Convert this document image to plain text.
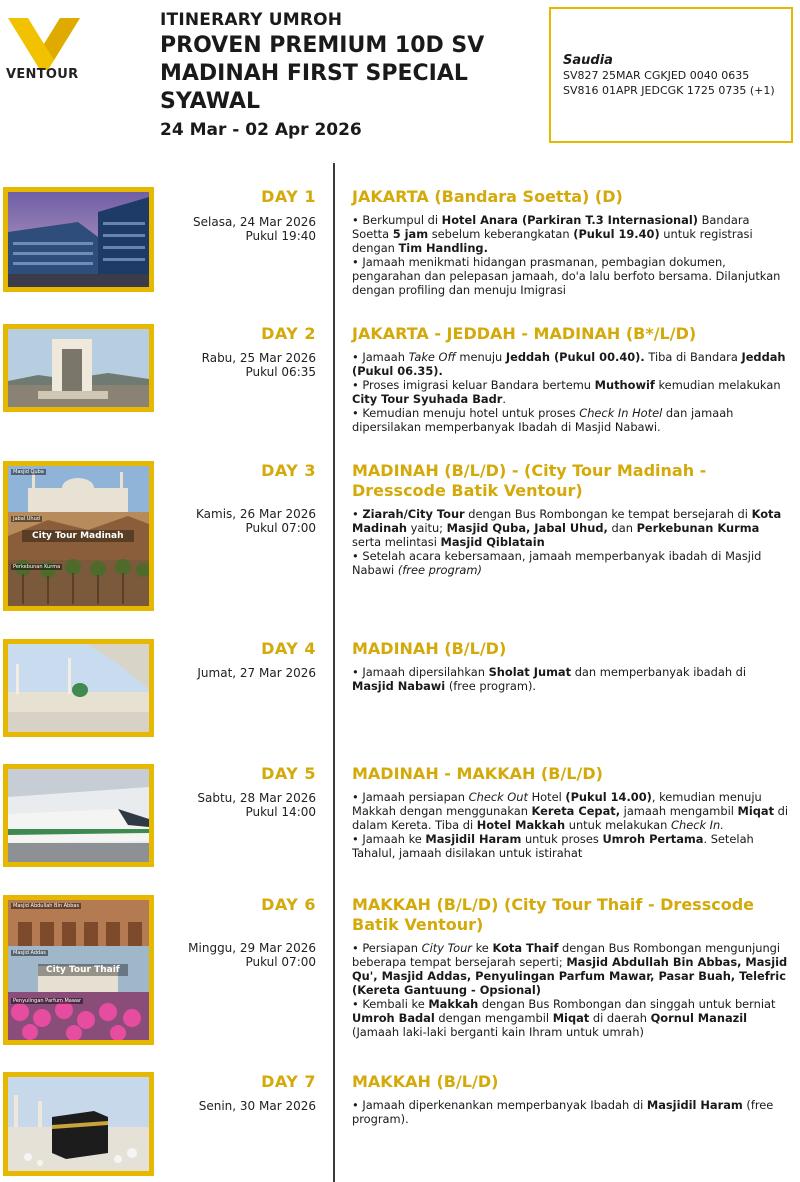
VENTOUR
ITINERARY UMROH
PROVEN PREMIUM 10D SV
MADINAH FIRST SPECIAL
SYAWAL
24 Mar - 02 Apr 2026
Saudia
SV827 25MAR CGKJED 0040 0635
SV816 01APR JEDCGK 1725 0735 (+1)
DAY 1
Selasa, 24 Mar 2026
Pukul 19:40
JAKARTA (Bandara Soetta) (D)

• Berkumpul di Hotel Anara (Parkiran T.3 Internasional) Bandara Soetta 5 jam sebelum keberangkatan (Pukul 19.40) untuk registrasi dengan Tim Handling.

• Jamaah menikmati hidangan prasmanan, pembagian dokumen, pengarahan dan pelepasan jamaah, do'a lalu berfoto bersama. Dilanjutkan dengan profiling dan menuju Imigrasi

DAY 2
Rabu, 25 Mar 2026
Pukul 06:35
JAKARTA - JEDDAH - MADINAH (B*/L/D)

• Jamaah Take Off menuju Jeddah (Pukul 00.40). Tiba di Bandara Jeddah (Pukul 06.35).

• Proses imigrasi keluar Bandara bertemu Muthowif kemudian melakukan City Tour Syuhada Badr.

• Kemudian menuju hotel untuk proses Check In Hotel dan jamaah dipersilakan memperbanyak Ibadah di Masjid Nabawi.

Masjid Quba
Jabal Uhud
City Tour Madinah
Perkebunan Kurma
DAY 3
Kamis, 26 Mar 2026
Pukul 07:00
MADINAH (B/L/D) - (City Tour Madinah - Dresscode Batik Ventour)

• Ziarah/City Tour dengan Bus Rombongan ke tempat bersejarah di Kota Madinah yaitu; Masjid Quba, Jabal Uhud, dan Perkebunan Kurma serta melintasi Masjid Qiblatain

• Setelah acara kebersamaan, jamaah memperbanyak ibadah di Masjid Nabawi (free program)

DAY 4
Jumat, 27 Mar 2026
MADINAH (B/L/D)

• Jamaah dipersilahkan Sholat Jumat dan memperbanyak ibadah di Masjid Nabawi (free program).

DAY 5
Sabtu, 28 Mar 2026
Pukul 14:00
MADINAH - MAKKAH (B/L/D)

• Jamaah persiapan Check Out Hotel (Pukul 14.00), kemudian menuju Makkah dengan menggunakan Kereta Cepat, jamaah mengambil Miqat di dalam Kereta. Tiba di Hotel Makkah untuk melakukan Check In.

• Jamaah ke Masjidil Haram untuk proses Umroh Pertama. Setelah Tahalul, jamaah disilakan untuk istirahat

Masjid Abdullah Bin Abbas
Masjid Addas
City Tour Thaif
Penyulingan Parfum Mawar
DAY 6
Minggu, 29 Mar 2026
Pukul 07:00
MAKKAH (B/L/D) (City Tour Thaif - Dresscode Batik Ventour)

• Persiapan City Tour ke Kota Thaif dengan Bus Rombongan mengunjungi beberapa tempat bersejarah seperti; Masjid Abdullah Bin Abbas, Masjid Qu', Masjid Addas, Penyulingan Parfum Mawar, Pasar Buah, Telefric (Kereta Gantuung - Opsional)

• Kembali ke Makkah dengan Bus Rombongan dan singgah untuk berniat Umroh Badal dengan mengambil Miqat di daerah Qornul Manazil (Jamaah laki-laki berganti kain Ihram untuk umrah)

DAY 7
Senin, 30 Mar 2026
MAKKAH (B/L/D)

• Jamaah diperkenankan memperbanyak Ibadah di Masjidil Haram (free program).
